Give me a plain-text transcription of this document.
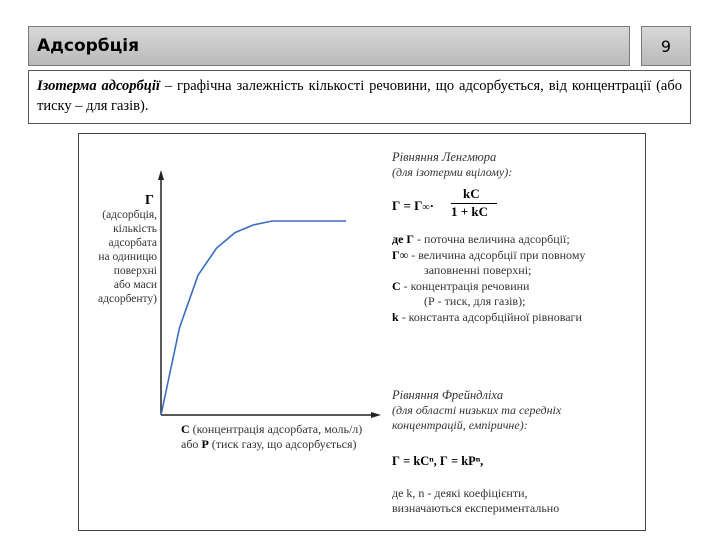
Адсорбція	9
Ізотерма адсорбції – графічна залежність кількості речовини, що адсорбується, від концентрації (або тиску – для газів).
Г
(адсорбція,
кількість
адсорбата
на одиницю
поверхні
або маси
адсорбенту)
С (концентрація адсорбата, моль/л)
або Р (тиск газу, що адсорбується)
Рівняння Ленгмюра
(для ізотерми вцілому):
Г = Г∞·
kC
1 + kC
де Г - поточна величина адсорбції;
Г∞ - величина адсорбції при повному
заповненні поверхні;
С - концентрація речовини
(Р - тиск, для газів);
k - константа адсорбційної рівноваги
Рівняння Фрейндліха
(для області низьких та середніх
концентрацій, емпіричне):
Г = kCⁿ, Г = kPⁿ,
де k, n - деякі коефіцієнти,
визначаються експериментально
